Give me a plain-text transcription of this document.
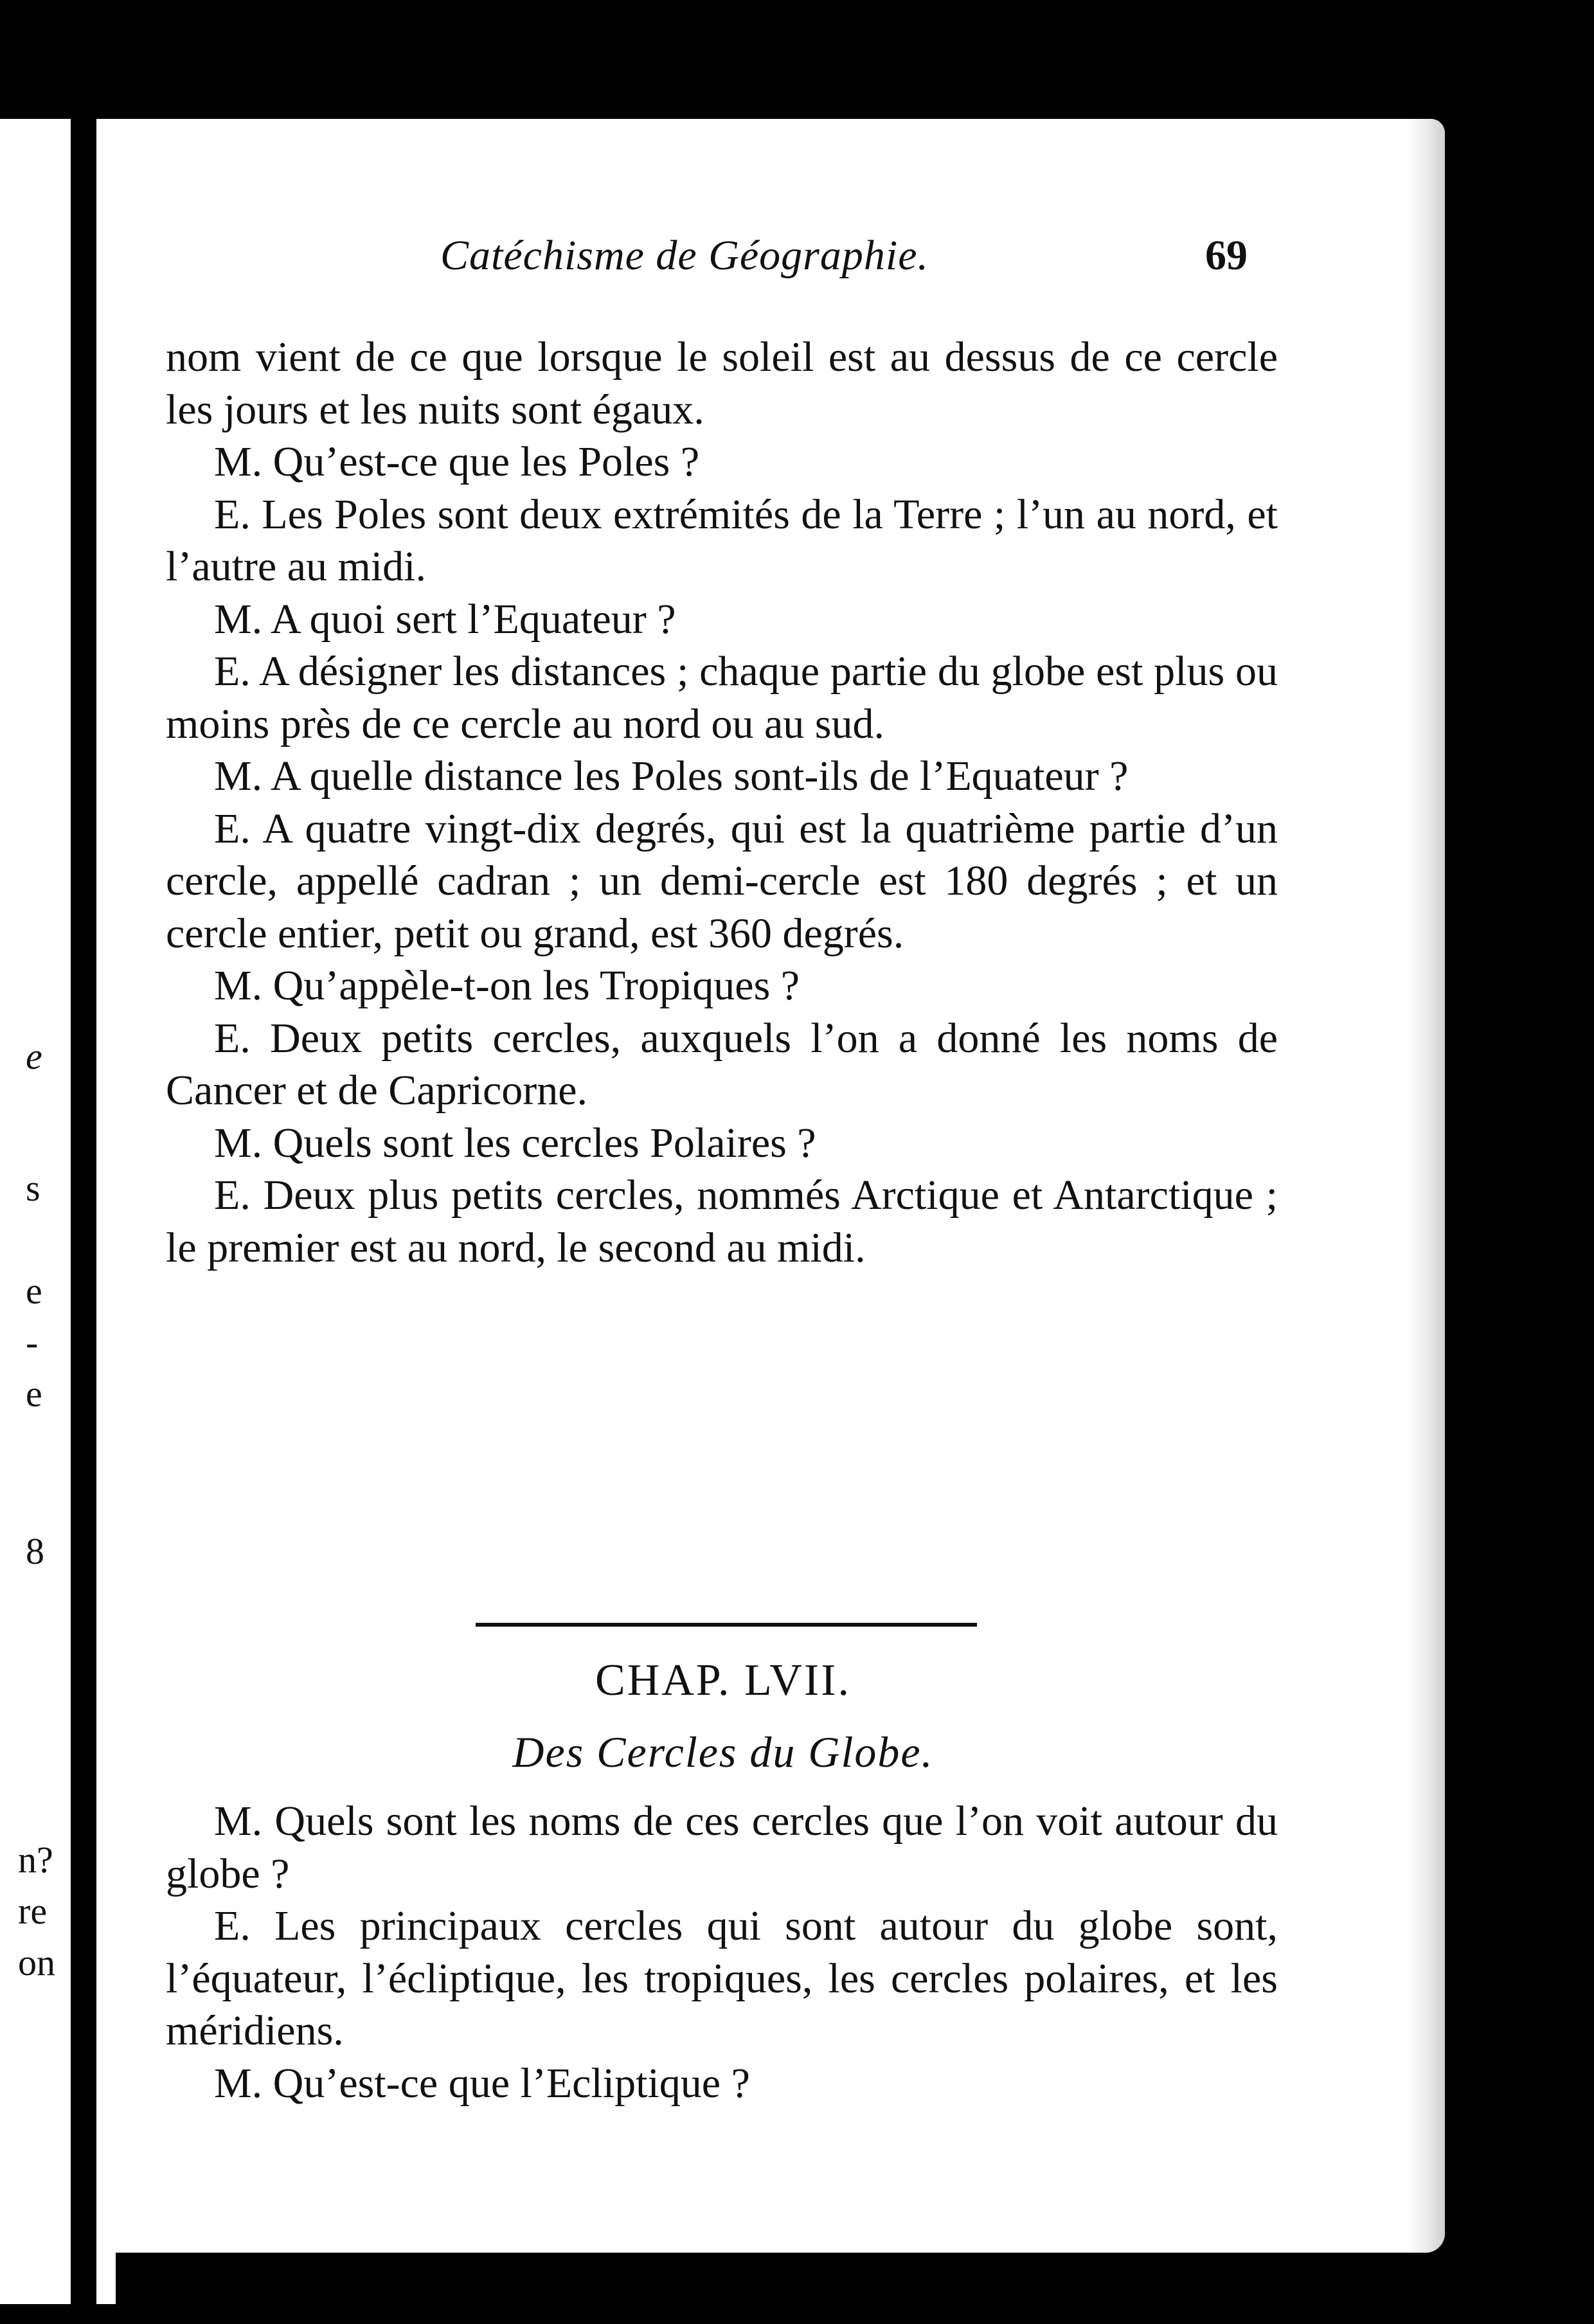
e
s
e
-
e
8
n?
re
on
Catéchisme de Géographie.	69
nom vient de ce que lorsque le soleil est au dessus de ce cercle les jours et les nuits sont égaux.
M. Qu’est-ce que les Poles ?
E. Les Poles sont deux extrémités de la Terre ; l’un au nord, et l’autre au midi.
M. A quoi sert l’Equateur ?
E. A désigner les distances ; chaque partie du globe est plus ou moins près de ce cercle au nord ou au sud.
M. A quelle distance les Poles sont-ils de l’Equateur ?
E. A quatre vingt-dix degrés, qui est la quatrième partie d’un cercle, appellé cadran ; un demi-cercle est 180 degrés ; et un cercle entier, petit ou grand, est 360 degrés.
M. Qu’appèle-t-on les Tropiques ?
E. Deux petits cercles, auxquels l’on a donné les noms de Cancer et de Capricorne.
M. Quels sont les cercles Polaires ?
E. Deux plus petits cercles, nommés Arctique et Antarctique ; le premier est au nord, le second au midi.
CHAP. LVII.
Des Cercles du Globe.
M. Quels sont les noms de ces cercles que l’on voit autour du globe ?
E. Les principaux cercles qui sont autour du globe sont, l’équateur, l’écliptique, les tropiques, les cercles polaires, et les méridiens.
M. Qu’est-ce que l’Ecliptique ?
